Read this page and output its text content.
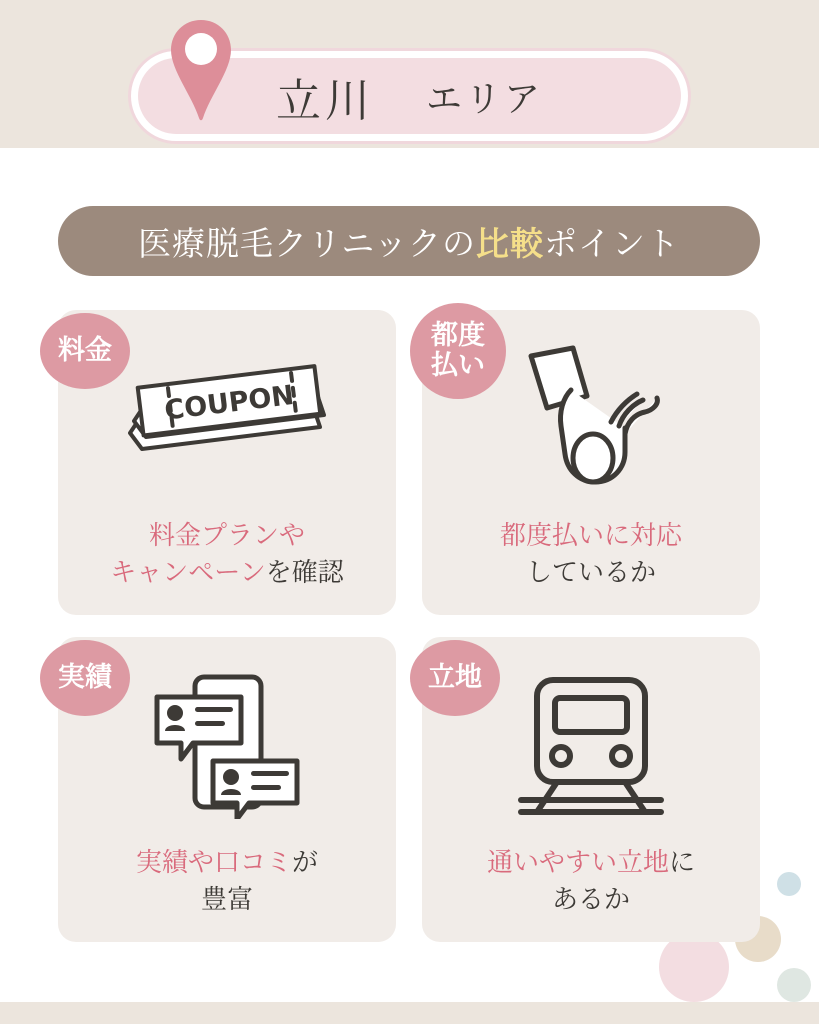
立川 エリア
医療脱毛クリニックの比較ポイント
COUPON
料金プランや
キャンペーンを確認
料金
都度払いに対応
しているか
都度
払い
実績や口コミが
豊富
実績
通いやすい立地に
あるか
立地
